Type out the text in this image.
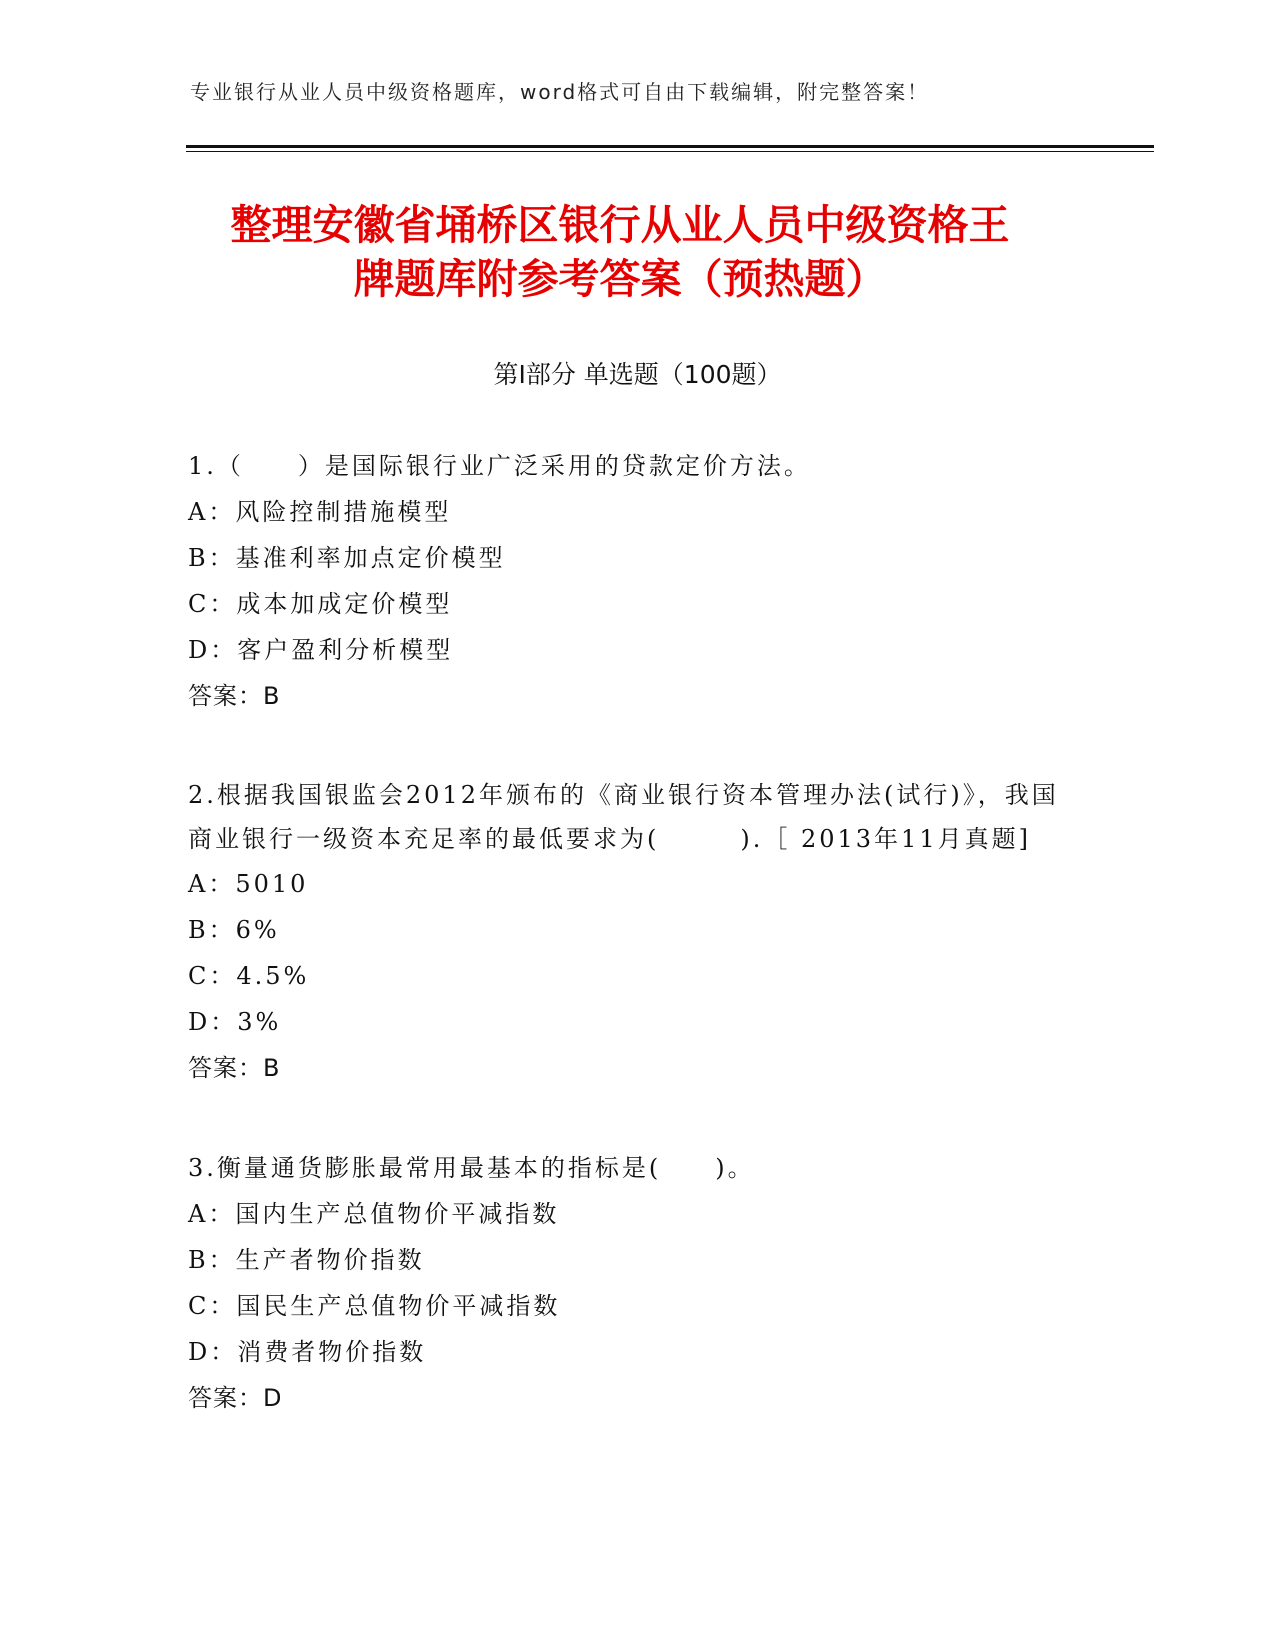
专业银行从业人员中级资格题库，word格式可自由下载编辑，附完整答案！
整理安徽省埇桥区银行从业人员中级资格王
牌题库附参考答案（预热题）
第Ⅰ部分 单选题（100题）
1.（　　）是国际银行业广泛采用的贷款定价方法。
A：风险控制措施模型
B：基准利率加点定价模型
C：成本加成定价模型
D：客户盈利分析模型
答案：B
2.根据我国银监会2012年颁布的《商业银行资本管理办法(试行)》，我国商业银行一级资本充足率的最低要求为(　　　).［ 2013年11月真题]
A：5010
B：6%
C：4.5%
D：3%
答案：B
3.衡量通货膨胀最常用最基本的指标是(　　)。
A：国内生产总值物价平减指数
B：生产者物价指数
C：国民生产总值物价平减指数
D：消费者物价指数
答案：D
